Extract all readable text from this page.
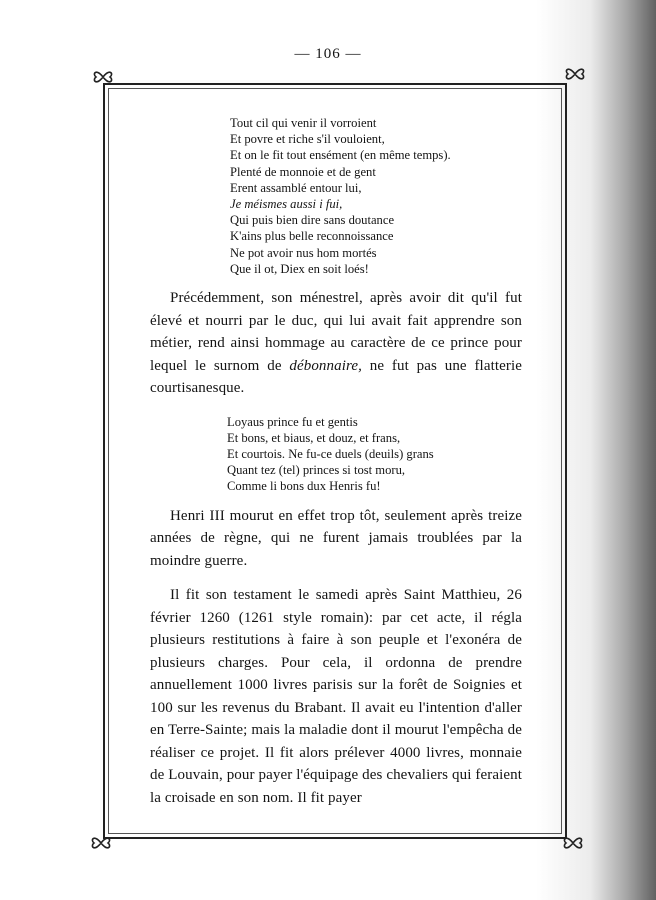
— 106 —
Tout cil qui venir il vorroient
Et povre et riche s'il vouloient,
Et on le fit tout ensément (en même temps).
Plenté de monnoie et de gent
Erent assamblé entour lui,
Je méismes aussi i fui,
Qui puis bien dire sans doutance
K'ains plus belle reconnoissance
Ne pot avoir nus hom mortés
Que il ot, Diex en soit loés!

Précédemment, son ménestrel, après avoir dit qu'il fut élevé et nourri par le duc, qui lui avait fait apprendre son métier, rend ainsi hommage au caractère de ce prince pour lequel le surnom de débonnaire, ne fut pas une flatterie courtisanesque.

Loyaus prince fu et gentis
Et bons, et biaus, et douz, et frans,
Et courtois. Ne fu-ce duels (deuils) grans
Quant tez (tel) princes si tost moru,
Comme li bons dux Henris fu!

Henri III mourut en effet trop tôt, seulement après treize années de règne, qui ne furent jamais troublées par la moindre guerre.

Il fit son testament le samedi après Saint Matthieu, 26 février 1260 (1261 style romain): par cet acte, il régla plusieurs restitutions à faire à son peuple et l'exonéra de plusieurs charges. Pour cela, il ordonna de prendre annuellement 1000 livres parisis sur la forêt de Soignies et 100 sur les revenus du Brabant. Il avait eu l'intention d'aller en Terre-Sainte; mais la maladie dont il mourut l'empêcha de réaliser ce projet. Il fit alors prélever 4000 livres, monnaie de Louvain, pour payer l'équipage des chevaliers qui feraient la croisade en son nom. Il fit payer
